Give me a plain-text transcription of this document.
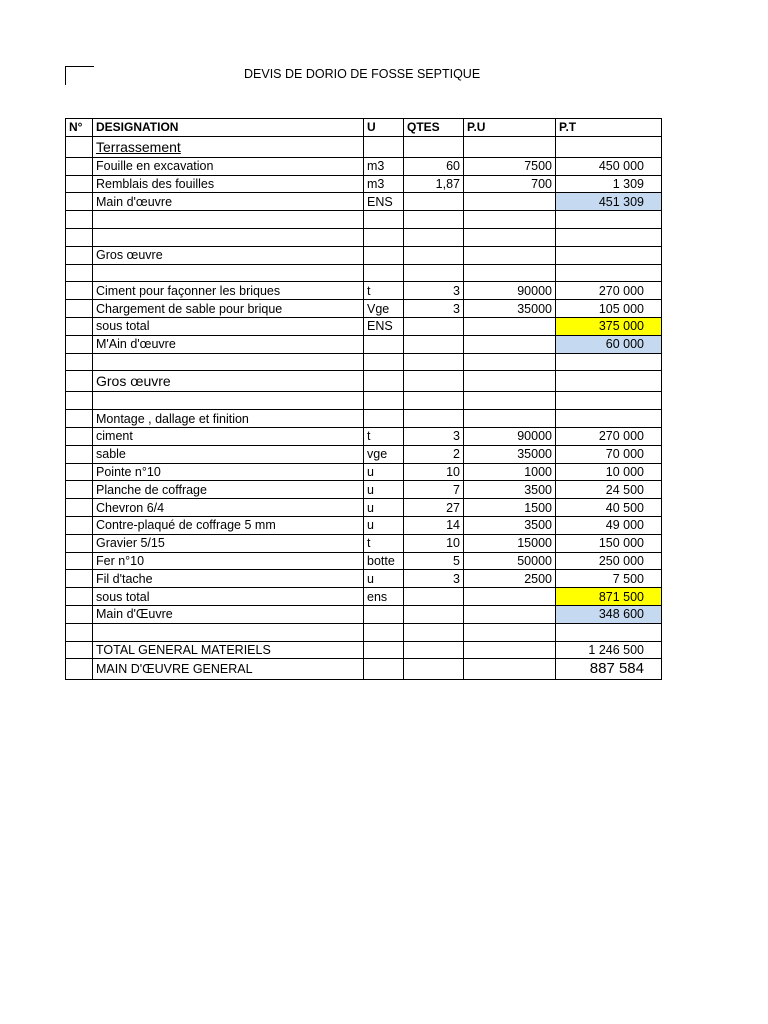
DEVIS DE DORIO DE FOSSE SEPTIQUE
N°	DESIGNATION	U	QTES	P.U	P.T
	Terrassement				
	Fouille en excavation	m3	60	7500	450 000
	Remblais des fouilles	m3	1,87	700	1 309
	Main d'œuvre	ENS			451 309

	Gros œuvre				

	Ciment pour façonner les briques	t	3	90000	270 000
	Chargement de sable pour brique	Vge	3	35000	105 000
	sous total	ENS			375 000
	M'Ain d'œuvre				60 000

	Gros œuvre				

	Montage , dallage et finition				
	ciment	t	3	90000	270 000
	sable	vge	2	35000	70 000
	Pointe n°10	u	10	1000	10 000
	Planche de coffrage	u	7	3500	24 500
	Chevron 6/4	u	27	1500	40 500
	Contre-plaqué de coffrage 5 mm	u	14	3500	49 000
	Gravier 5/15	t	10	15000	150 000
	Fer n°10	botte	5	50000	250 000
	Fil d'tache	u	3	2500	7 500
	sous total	ens			871 500
	Main d'Œuvre				348 600

	TOTAL GENERAL MATERIELS				1 246 500
	MAIN D'ŒUVRE GENERAL				887 584
